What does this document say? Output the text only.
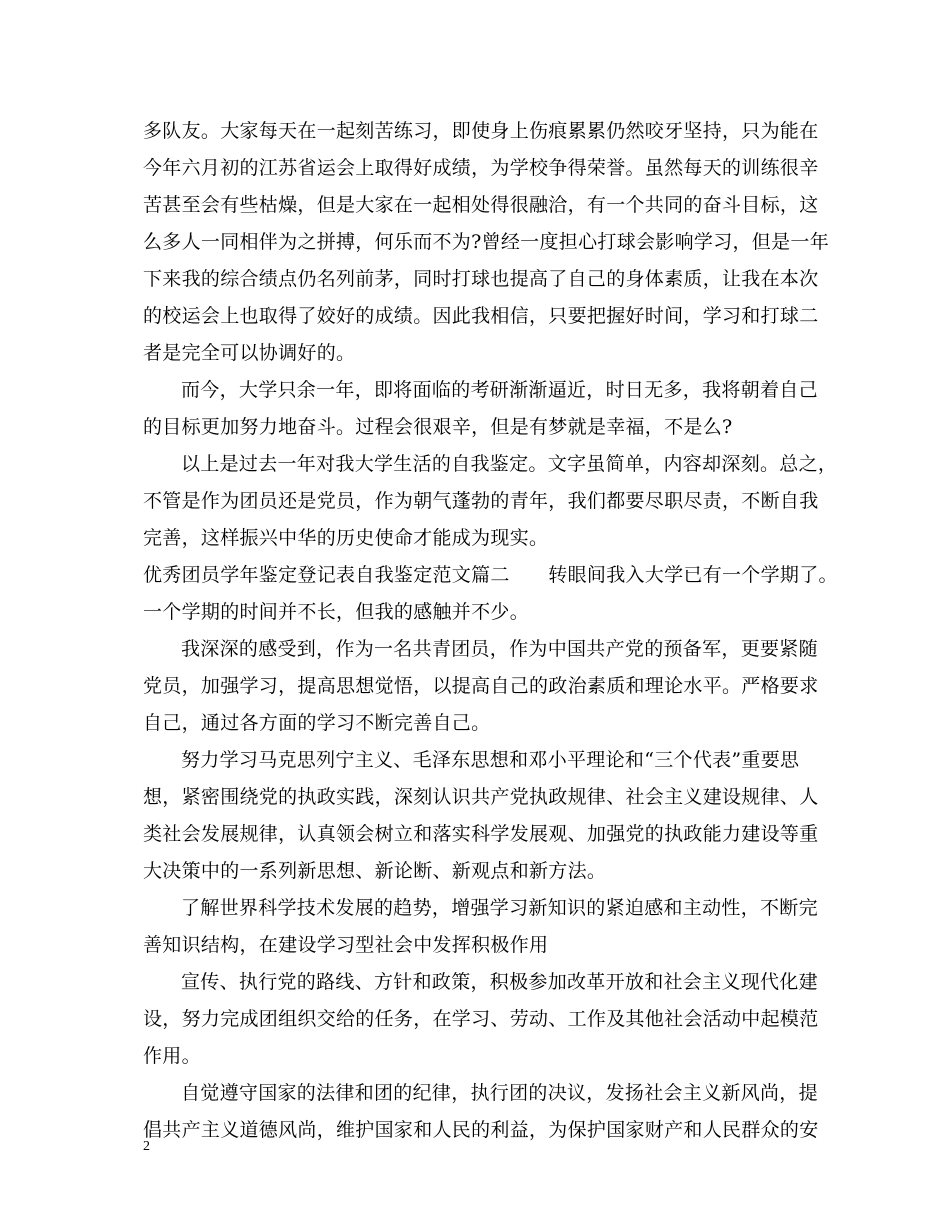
多队友。大家每天在一起刻苦练习，即使身上伤痕累累仍然咬牙坚持，只为能在
今年六月初的江苏省运会上取得好成绩，为学校争得荣誉。虽然每天的训练很辛
苦甚至会有些枯燥，但是大家在一起相处得很融洽，有一个共同的奋斗目标，这
么多人一同相伴为之拼搏，何乐而不为?曾经一度担心打球会影响学习，但是一年
下来我的综合绩点仍名列前茅，同时打球也提高了自己的身体素质，让我在本次
的校运会上也取得了姣好的成绩。因此我相信，只要把握好时间，学习和打球二
者是完全可以协调好的。
而今，大学只余一年，即将面临的考研渐渐逼近，时日无多，我将朝着自己
的目标更加努力地奋斗。过程会很艰辛，但是有梦就是幸福，不是么?
以上是过去一年对我大学生活的自我鉴定。文字虽简单，内容却深刻。总之，
不管是作为团员还是党员，作为朝气蓬勃的青年，我们都要尽职尽责，不断自我
完善，这样振兴中华的历史使命才能成为现实。
优秀团员学年鉴定登记表自我鉴定范文篇二　　转眼间我入大学已有一个学期了。
一个学期的时间并不长，但我的感触并不少。
我深深的感受到，作为一名共青团员，作为中国共产党的预备军，更要紧随
党员，加强学习，提高思想觉悟，以提高自己的政治素质和理论水平。严格要求
自己，通过各方面的学习不断完善自己。
努力学习马克思列宁主义、毛泽东思想和邓小平理论和“三个代表”重要思
想，紧密围绕党的执政实践，深刻认识共产党执政规律、社会主义建设规律、人
类社会发展规律，认真领会树立和落实科学发展观、加强党的执政能力建设等重
大决策中的一系列新思想、新论断、新观点和新方法。
了解世界科学技术发展的趋势，增强学习新知识的紧迫感和主动性，不断完
善知识结构，在建设学习型社会中发挥积极作用
宣传、执行党的路线、方针和政策，积极参加改革开放和社会主义现代化建
设，努力完成团组织交给的任务，在学习、劳动、工作及其他社会活动中起模范
作用。
自觉遵守国家的法律和团的纪律，执行团的决议，发扬社会主义新风尚，提
倡共产主义道德风尚，维护国家和人民的利益，为保护国家财产和人民群众的安
2
